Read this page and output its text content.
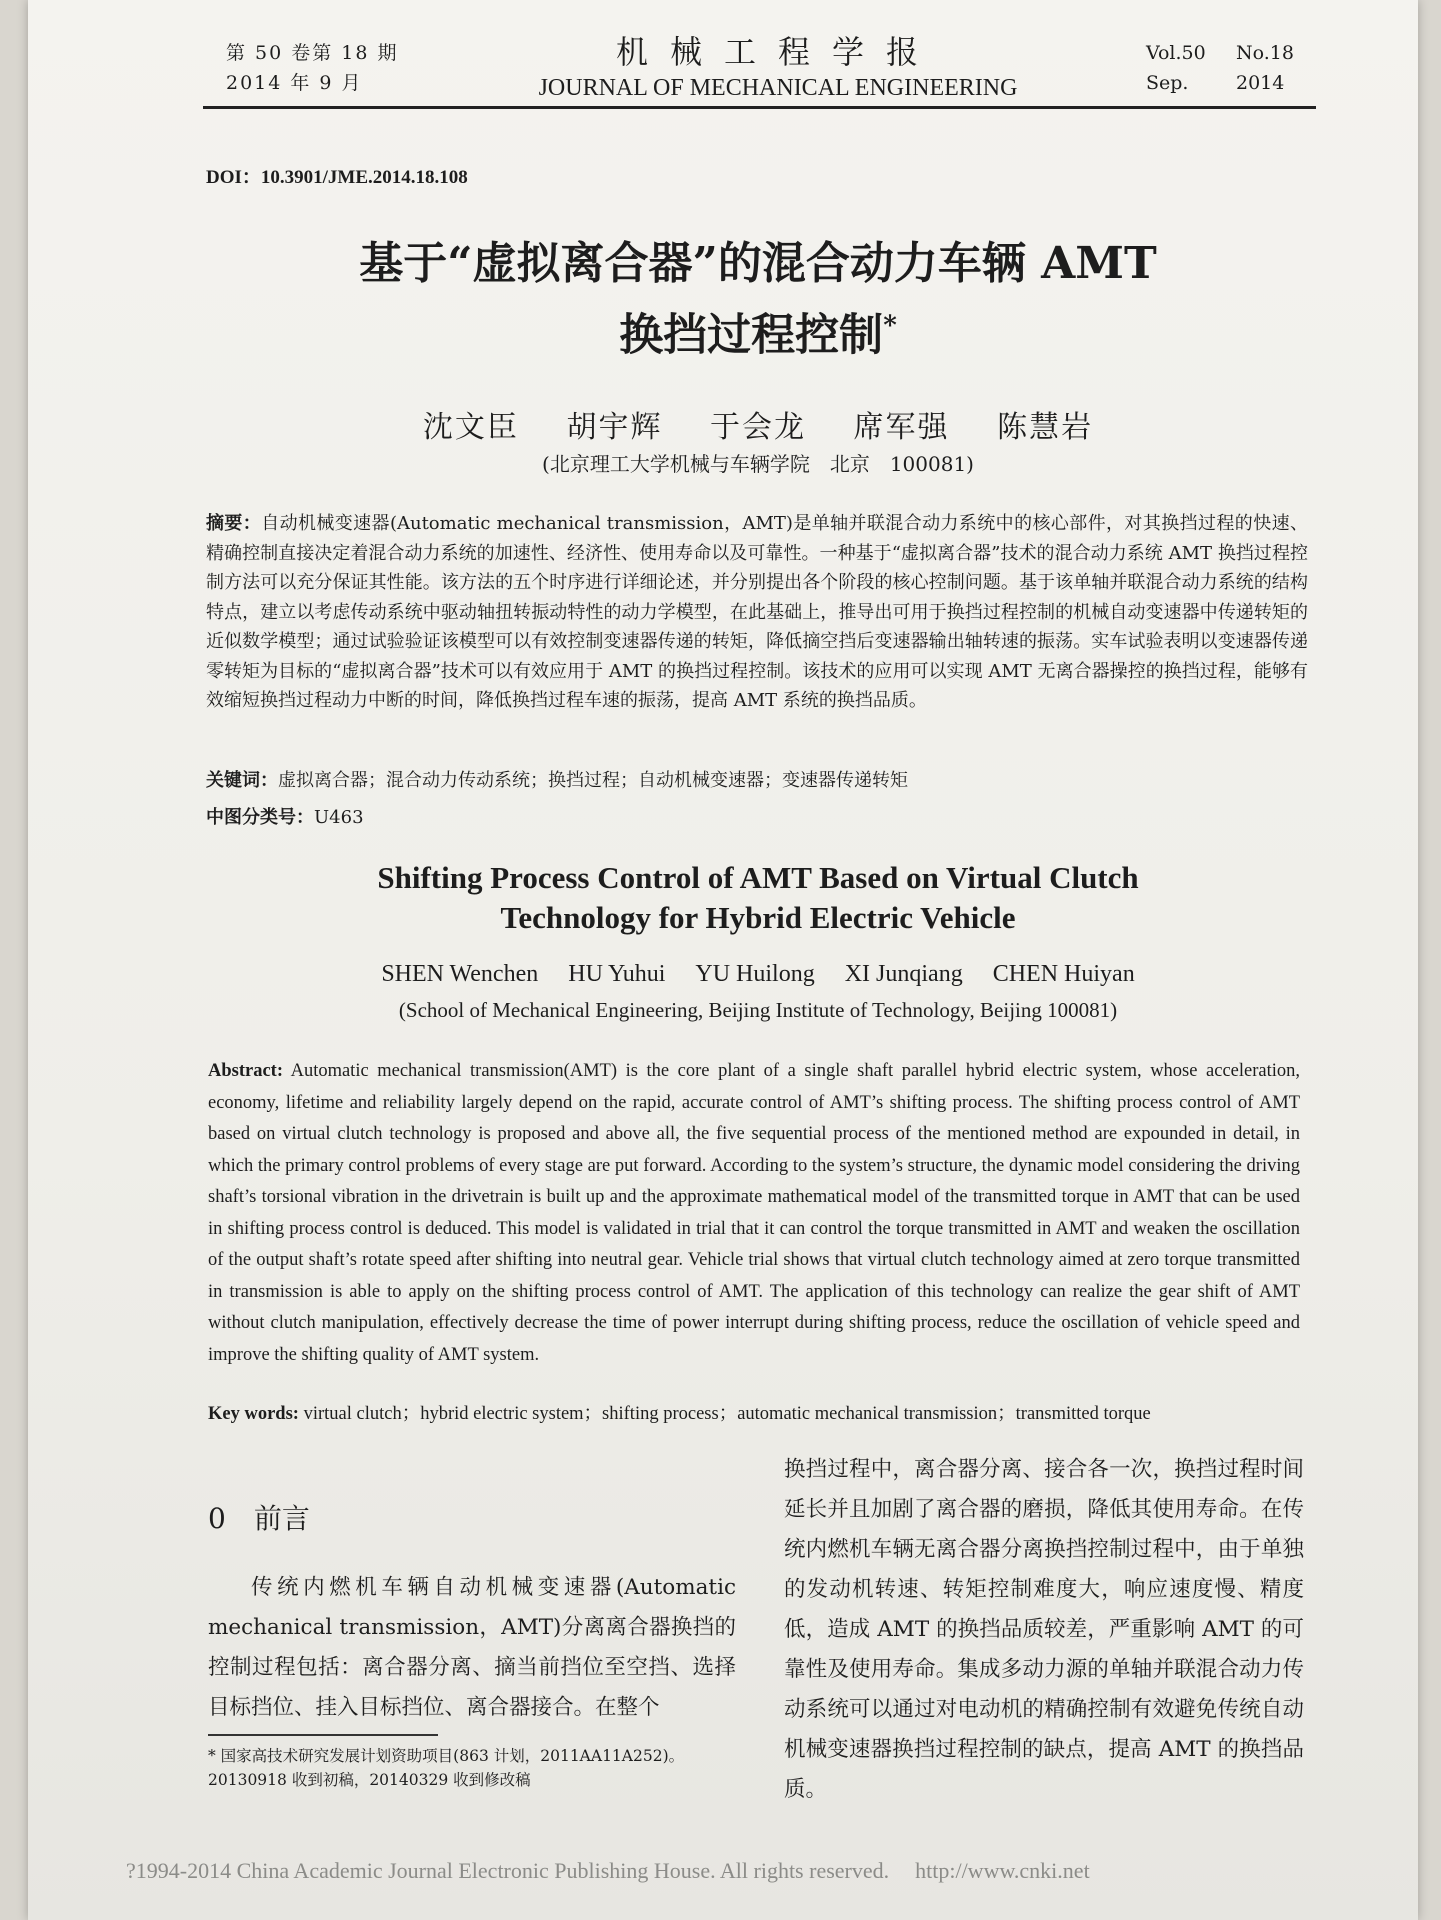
第 50 卷第 18 期
2014 年 9 月
机械工程学报
JOURNAL OF MECHANICAL ENGINEERING
Vol.50 No.18
Sep.	2014
DOI：10.3901/JME.2014.18.108
基于“虚拟离合器”的混合动力车辆 AMT
换挡过程控制*
沈文臣 胡宇辉 于会龙 席军强 陈慧岩
(北京理工大学机械与车辆学院　北京　100081)
摘要：自动机械变速器(Automatic mechanical transmission，AMT)是单轴并联混合动力系统中的核心部件，对其换挡过程的快速、精确控制直接决定着混合动力系统的加速性、经济性、使用寿命以及可靠性。一种基于“虚拟离合器”技术的混合动力系统 AMT 换挡过程控制方法可以充分保证其性能。该方法的五个时序进行详细论述，并分别提出各个阶段的核心控制问题。基于该单轴并联混合动力系统的结构特点，建立以考虑传动系统中驱动轴扭转振动特性的动力学模型，在此基础上，推导出可用于换挡过程控制的机械自动变速器中传递转矩的近似数学模型；通过试验验证该模型可以有效控制变速器传递的转矩，降低摘空挡后变速器输出轴转速的振荡。实车试验表明以变速器传递零转矩为目标的“虚拟离合器”技术可以有效应用于 AMT 的换挡过程控制。该技术的应用可以实现 AMT 无离合器操控的换挡过程，能够有效缩短换挡过程动力中断的时间，降低换挡过程车速的振荡，提高 AMT 系统的换挡品质。
关键词：虚拟离合器；混合动力传动系统；换挡过程；自动机械变速器；变速器传递转矩
中图分类号：U463
Shifting Process Control of AMT Based on Virtual Clutch
Technology for Hybrid Electric Vehicle
SHEN Wenchen HU Yuhui YU Huilong XI Junqiang CHEN Huiyan
(School of Mechanical Engineering, Beijing Institute of Technology, Beijing 100081)
Abstract: Automatic mechanical transmission(AMT) is the core plant of a single shaft parallel hybrid electric system, whose acceleration, economy, lifetime and reliability largely depend on the rapid, accurate control of AMT’s shifting process. The shifting process control of AMT based on virtual clutch technology is proposed and above all, the five sequential process of the mentioned method are expounded in detail, in which the primary control problems of every stage are put forward. According to the system’s structure, the dynamic model considering the driving shaft’s torsional vibration in the drivetrain is built up and the approximate mathematical model of the transmitted torque in AMT that can be used in shifting process control is deduced. This model is validated in trial that it can control the torque transmitted in AMT and weaken the oscillation of the output shaft’s rotate speed after shifting into neutral gear. Vehicle trial shows that virtual clutch technology aimed at zero torque transmitted in transmission is able to apply on the shifting process control of AMT. The application of this technology can realize the gear shift of AMT without clutch manipulation, effectively decrease the time of power interrupt during shifting process, reduce the oscillation of vehicle speed and improve the shifting quality of AMT system.
Key words: virtual clutch；hybrid electric system；shifting process；automatic mechanical transmission；transmitted torque
0 前言
传统内燃机车辆自动机械变速器(Automatic mechanical transmission，AMT)分离离合器换挡的控制过程包括：离合器分离、摘当前挡位至空挡、选择目标挡位、挂入目标挡位、离合器接合。在整个
换挡过程中，离合器分离、接合各一次，换挡过程时间延长并且加剧了离合器的磨损，降低其使用寿命。在传统内燃机车辆无离合器分离换挡控制过程中，由于单独的发动机转速、转矩控制难度大，响应速度慢、精度低，造成 AMT 的换挡品质较差，严重影响 AMT 的可靠性及使用寿命。集成多动力源的单轴并联混合动力传动系统可以通过对电动机的精确控制有效避免传统自动机械变速器换挡过程控制的缺点，提高 AMT 的换挡品质。
* 国家高技术研究发展计划资助项目(863 计划，2011AA11A252)。
20130918 收到初稿，20140329 收到修改稿
?1994-2014 China Academic Journal Electronic Publishing House. All rights reserved. http://www.cnki.net
